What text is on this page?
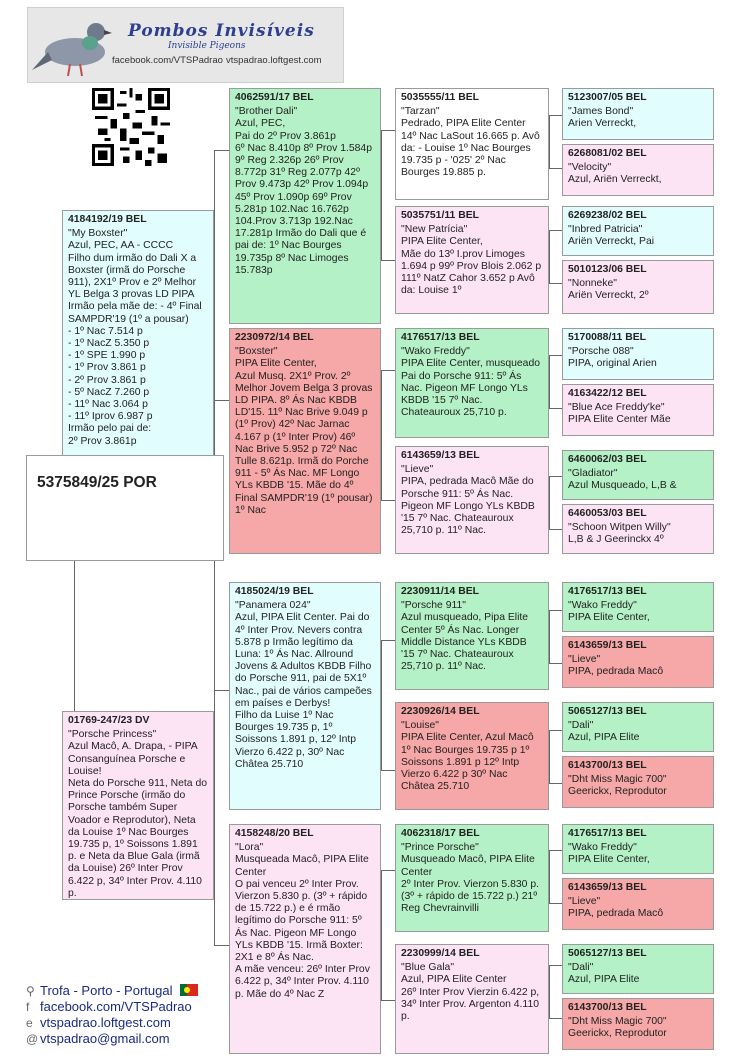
Pombos Invisíveis
Invisible Pigeons
facebook.com/VTSPadrao vtspadrao.loftgest.com
4184192/19 BEL
"My Boxster"
Azul, PEC, AA - CCCC
Filho dum irmão do Dali X a Boxster (irmã do Porsche 911), 2X1º Prov e 2º Melhor YL Belga 3 provas LD PIPA
Irmão pela mãe de: - 4º Final SAMPDR'19 (1º a pousar)
- 1º Nac 7.514 p
- 1º NacZ 5.350 p
- 1º SPE 1.990 p
- 1º Prov 3.861 p
- 2º Prov 3.861 p
- 5º NacZ 7.260 p
- 11º Nac 3.064 p
- 11º Iprov 6.987 p
Irmão pelo pai de:
2º Prov 3.861p
01769-247/23 DV
"Porsche Princess"
Azul Macô, A. Drapa, - PIPA
Consanguínea Porsche e Louise!
Neta do Porsche 911, Neta do Prince Porsche (irmão do Porsche também Super Voador e Reprodutor), Neta da Louise 1º Nac Bourges 19.735 p, 1º Soissons 1.891 p. e Neta da Blue Gala (irmã da Louise) 26º Inter Prov 6.422 p, 34º Inter Prov. 4.110 p.
5375849/25 POR
4062591/17 BEL
"Brother Dali"
Azul, PEC,
Pai do 2º Prov 3.861p
6º Nac 8.410p 8º Prov 1.584p 9º Reg 2.326p 26º Prov 8.772p 31º Reg 2.077p 42º Prov 9.473p 42º Prov 1.094p 45º Prov 1.090p 69º Prov 5.281p 102.Nac 16.762p 104.Prov 3.713p 192.Nac 17.281p Irmão do Dali que é pai de: 1º Nac Bourges 19.735p 8º Nac Limoges 15.783p
2230972/14 BEL
"Boxster"
PIPA Elite Center,
Azul Musq. 2X1º Prov. 2º Melhor Jovem Belga 3 provas LD PIPA. 8º Ás Nac KBDB LD'15. 11º Nac Brive 9.049 p (1º Prov) 42º Nac Jarnac 4.167 p (1º Inter Prov) 46º Nac Brive 5.952 p 72º Nac Tulle 8.621p. Irmã do Porche 911 - 5º Ás Nac. MF Longo YLs KBDB '15. Mãe do 4º Final SAMPDR'19 (1º pousar) 1º Nac
4185024/19 BEL
"Panamera 024"
Azul, PIPA Elit Center. Pai do 4º Inter Prov. Nevers contra 5.878 p Irmão legítimo da Luna: 1º Ás Nac. Allround Jovens & Adultos KBDB Filho do Porsche 911, pai de 5X1º Nac., pai de vários campeões em países e Derbys!
Filho da Luise 1º Nac Bourges 19.735 p, 1º Soissons 1.891 p, 12º Intp Vierzo 6.422 p, 30º Nac Châtea 25.710
4158248/20 BEL
"Lora"
Musqueada Macô, PIPA Elite Center
O pai venceu 2º Inter Prov. Vierzon 5.830 p. (3º + rápido de 15.722 p.) e é rmão legítimo do Porsche 911: 5º Ás Nac. Pigeon MF Longo YLs KBDB '15. Irmã Boxter: 2X1 e 8º Ás Nac.
A mãe venceu: 26º Inter Prov 6.422 p, 34º Inter Prov. 4.110 p. Mãe do 4º Nac Z
5035555/11 BEL
"Tarzan"
Pedrado, PIPA Elite Center 14º Nac LaSout 16.665 p. Avô da: - Louise 1º Nac Bourges 19.735 p - '025' 2º Nac Bourges 19.885 p.
5035751/11 BEL
"New Patrícia"
PIPA Elite Center,
Mãe do 13º I.prov Limoges 1.694 p 99º Prov Blois 2.062 p 111º NatZ Cahor 3.652 p Avô da: Louise 1º
4176517/13 BEL
"Wako Freddy"
PIPA Elite Center, musqueado Pai do Porsche 911: 5º Ás Nac. Pigeon MF Longo YLs KBDB '15 7º Nac. Chateauroux 25,710 p.
6143659/13 BEL
"Lieve"
PIPA, pedrada Macô Mãe do Porsche 911: 5º Ás Nac. Pigeon MF Longo YLs KBDB '15 7º Nac. Chateauroux 25,710 p. 11º Nac.
2230911/14 BEL
"Porsche 911"
Azul musqueado, Pipa Elite Center 5º Ás Nac. Longer Middle Distance YLs KBDB '15 7º Nac. Chateauroux 25,710 p. 11º Nac.
2230926/14 BEL
"Louise"
PIPA Elite Center, Azul Macô 1º Nac Bourges 19.735 p 1º Soissons 1.891 p 12º Intp Vierzo 6.422 p 30º Nac Châtea 25.710
4062318/17 BEL
"Prince Porsche"
Musqueado Macô, PIPA Elite Center
2º Inter Prov. Vierzon 5.830 p. (3º + rápido de 15.722 p.) 21º Reg Chevrainvilli
2230999/14 BEL
"Blue Gala"
Azul, PIPA Elite Center
26º Inter Prov Vierzin 6.422 p, 34º Inter Prov. Argenton 4.110 p.
5123007/05 BEL
"James Bond"
Arien Verreckt,
6268081/02 BEL
"Velocity"
Azul, Ariën Verreckt,
6269238/02 BEL
"Inbred Patricia"
Ariën Verreckt, Pai
5010123/06 BEL
"Nonneke"
Ariën Verreckt, 2º
5170088/11 BEL
"Porsche 088"
PIPA, original Arien
4163422/12 BEL
"Blue Ace Freddy'ke"
PIPA Elite Center Mãe
6460062/03 BEL
"Gladiator"
Azul Musqueado, L,B &
6460053/03 BEL
"Schoon Witpen Willy"
L,B & J Geerinckx 4º
4176517/13 BEL
"Wako Freddy"
PIPA Elite Center,
6143659/13 BEL
"Lieve"
PIPA, pedrada Macô
5065127/13 BEL
"Dali"
Azul, PIPA Elite
6143700/13 BEL
"Dht Miss Magic 700"
Geerickx, Reprodutor
4176517/13 BEL
"Wako Freddy"
PIPA Elite Center,
6143659/13 BEL
"Lieve"
PIPA, pedrada Macô
5065127/13 BEL
"Dali"
Azul, PIPA Elite
6143700/13 BEL
"Dht Miss Magic 700"
Geerickx, Reprodutor
⚲ Trofa - Porto - Portugal
f facebook.com/VTSPadrao
e vtspadrao.loftgest.com
@ vtspadrao@gmail.com
